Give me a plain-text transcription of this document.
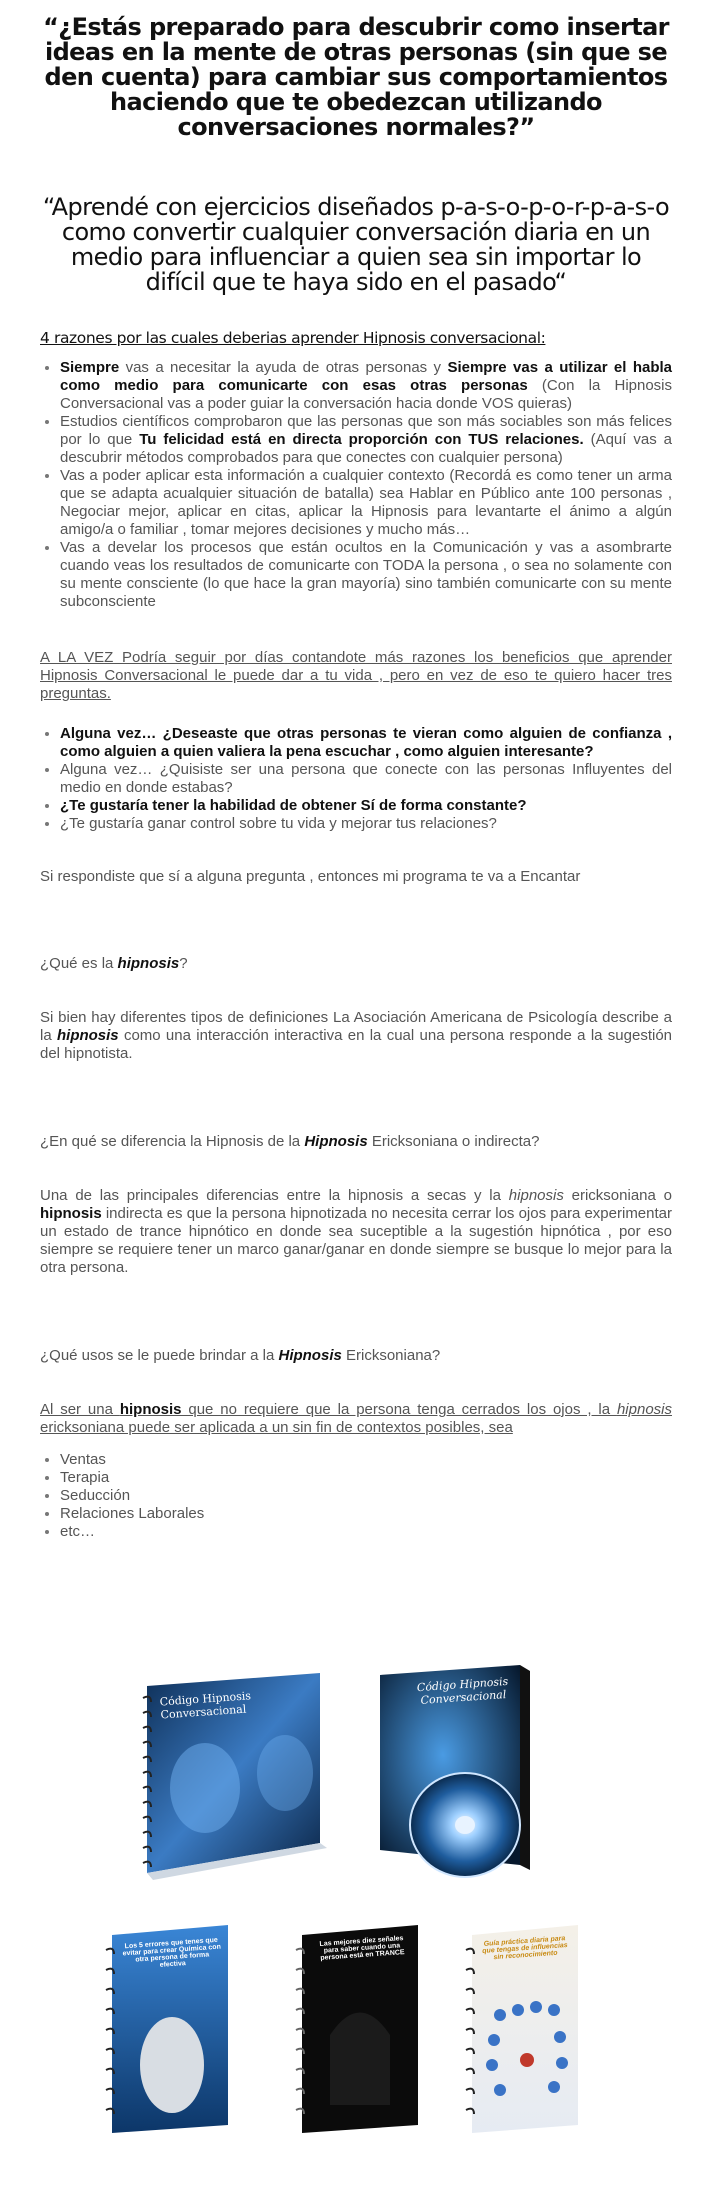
“¿Estás preparado para descubrir como insertar ideas en la mente de otras personas (sin que se den cuenta) para cambiar sus comportamientos haciendo que te obedezcan utilizando conversaciones normales?”
“Aprendé con ejercicios diseñados p-a-s-o-p-o-r-p-a-s-o como convertir cualquier conversación diaria en un medio para influenciar a quien sea sin importar lo difícil que te haya sido en el pasado“
4 razones por las cuales deberias aprender Hipnosis conversacional:
• Siempre vas a necesitar la ayuda de otras personas y Siempre vas a utilizar el habla como medio para comunicarte con esas otras personas (Con la Hipnosis Conversacional vas a poder guiar la conversación hacia donde VOS quieras)
• Estudios científicos comprobaron que las personas que son más sociables son más felices por lo que Tu felicidad está en directa proporción con TUS relaciones. (Aquí vas a descubrir métodos comprobados para que conectes con cualquier persona)
• Vas a poder aplicar esta información a cualquier contexto (Recordá es como tener un arma que se adapta acualquier situación de batalla) sea Hablar en Público ante 100 personas , Negociar mejor, aplicar en citas, aplicar la Hipnosis para levantarte el ánimo a algún amigo/a o familiar , tomar mejores decisiones y mucho más…
• Vas a develar los procesos que están ocultos en la Comunicación y vas a asombrarte cuando veas los resultados de comunicarte con TODA la persona , o sea no solamente con su mente consciente (lo que hace la gran mayoría) sino también comunicarte con su mente subconsciente
A LA VEZ Podría seguir por días contandote más razones los beneficios que aprender Hipnosis Conversacional le puede dar a tu vida , pero en vez de eso te quiero hacer tres preguntas.
• Alguna vez… ¿Deseaste que otras personas te vieran como alguien de confianza , como alguien a quien valiera la pena escuchar , como alguien interesante?
• Alguna vez… ¿Quisiste ser una persona que conecte con las personas Influyentes del medio en donde estabas?
• ¿Te gustaría tener la habilidad de obtener Sí de forma constante?
• ¿Te gustaría ganar control sobre tu vida y mejorar tus relaciones?
Si respondiste que sí a alguna pregunta , entonces mi programa te va a Encantar
¿Qué es la hipnosis?
Si bien hay diferentes tipos de definiciones La Asociación Americana de Psicología describe a la hipnosis como una interacción interactiva en la cual una persona responde a la sugestión del hipnotista.
¿En qué se diferencia la Hipnosis de la Hipnosis Ericksoniana o indirecta?
Una de las principales diferencias entre la hipnosis a secas y la hipnosis ericksoniana o hipnosis indirecta es que la persona hipnotizada no necesita cerrar los ojos para experimentar un estado de trance hipnótico en donde sea suceptible a la sugestión hipnótica , por eso siempre se requiere tener un marco ganar/ganar en donde siempre se busque lo mejor para la otra persona.
¿Qué usos se le puede brindar a la Hipnosis Ericksoniana?
Al ser una hipnosis que no requiere que la persona tenga cerrados los ojos , la hipnosis ericksoniana puede ser aplicada a un sin fin de contextos posibles, sea
• Ventas
• Terapia
• Seducción
• Relaciones Laborales
• etc…
Código Hipnosis Conversacional
Código Hipnosis Conversacional
Los 5 errores que tenes que evitar para crear Química con otra persona de forma efectiva
Las mejores diez señales para saber cuando una persona está en TRANCE
Guía práctica diaria para que tengas de influencias sin reconocimiento
